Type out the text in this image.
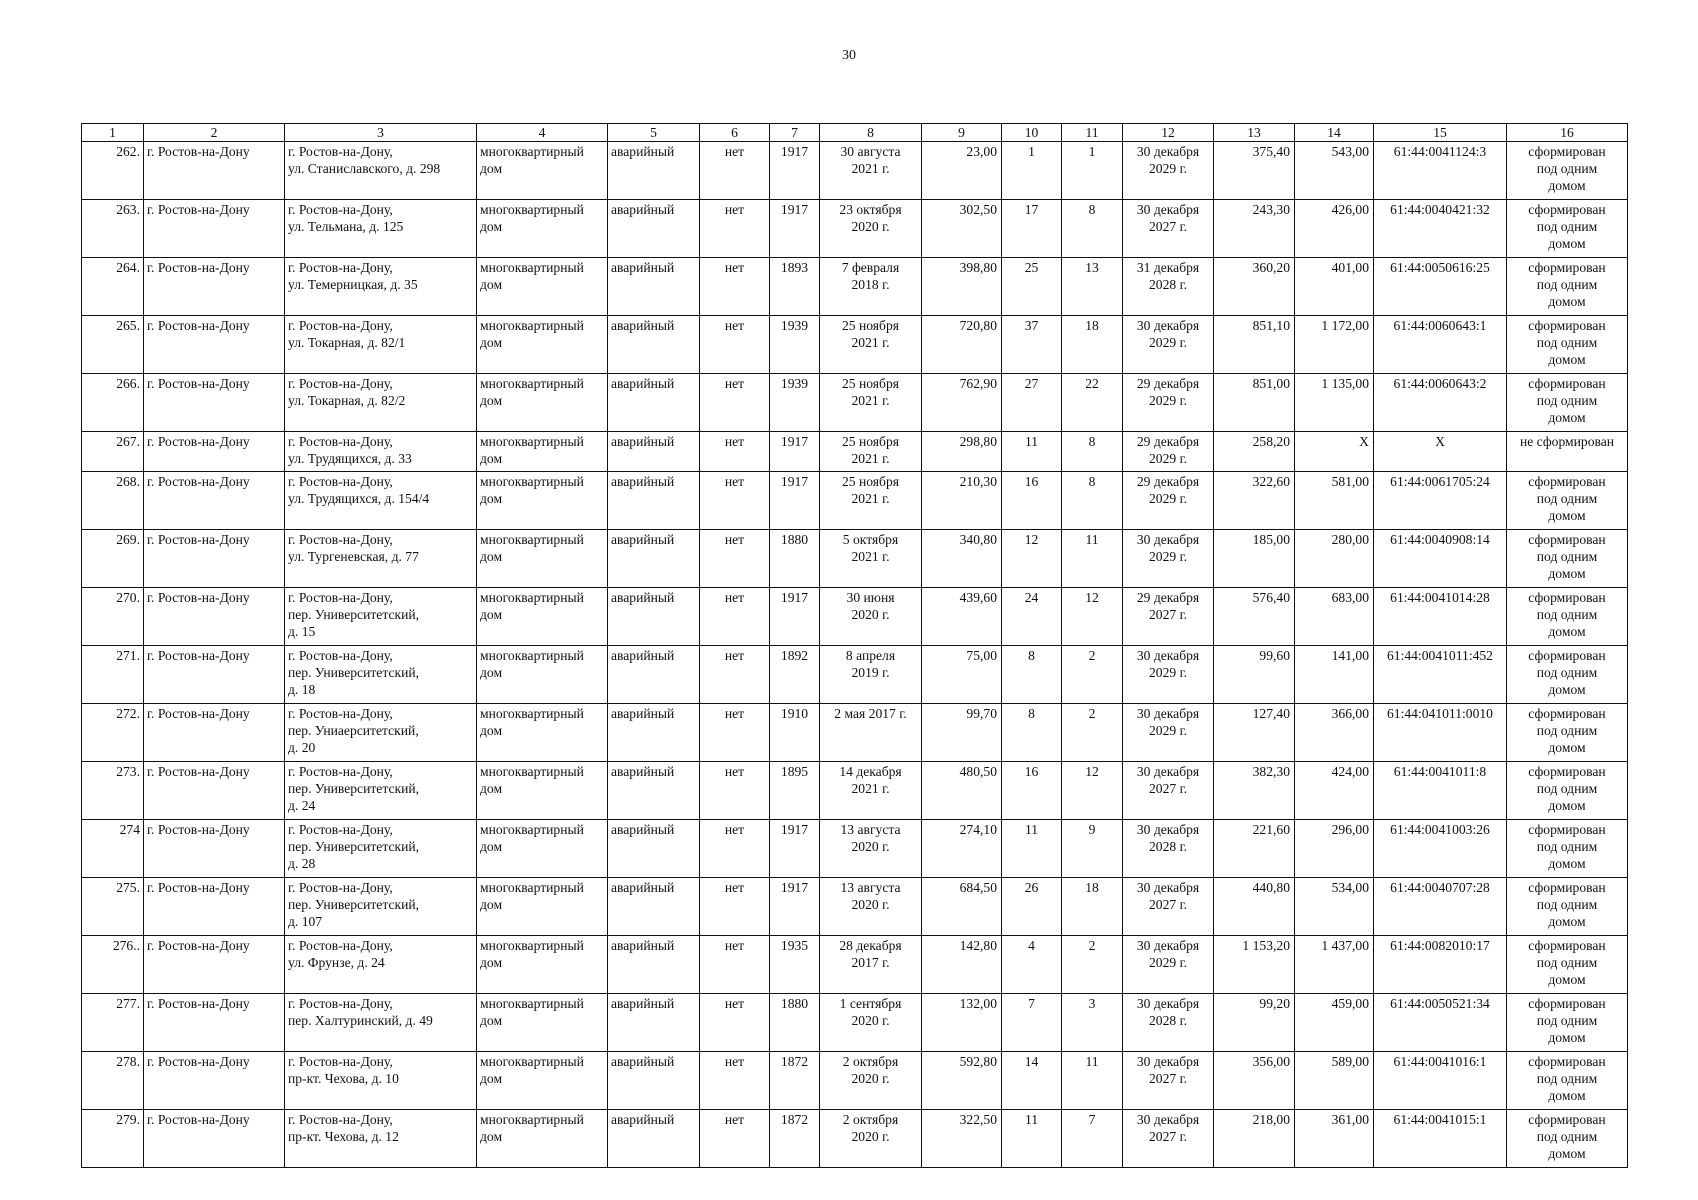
30
1	2	3	4	5	6	7	8	9	10	11	12	13	14	15	16
262.	г. Ростов-на-Дону	г. Ростов-на-Дону,
ул. Станиславского, д. 298	многоквартирный
дом	аварийный	нет	1917	30 августа
2021 г.	23,00	1	1	30 декабря
2029 г.	375,40	543,00	61:44:0041124:3	сформирован
под одним
домом
263.	г. Ростов-на-Дону	г. Ростов-на-Дону,
ул. Тельмана, д. 125	многоквартирный
дом	аварийный	нет	1917	23 октября
2020 г.	302,50	17	8	30 декабря
2027 г.	243,30	426,00	61:44:0040421:32	сформирован
под одним
домом
264.	г. Ростов-на-Дону	г. Ростов-на-Дону,
ул. Темерницкая, д. 35	многоквартирный
дом	аварийный	нет	1893	7 февраля
2018 г.	398,80	25	13	31 декабря
2028 г.	360,20	401,00	61:44:0050616:25	сформирован
под одним
домом
265.	г. Ростов-на-Дону	г. Ростов-на-Дону,
ул. Токарная, д. 82/1	многоквартирный
дом	аварийный	нет	1939	25 ноября
2021 г.	720,80	37	18	30 декабря
2029 г.	851,10	1 172,00	61:44:0060643:1	сформирован
под одним
домом
266.	г. Ростов-на-Дону	г. Ростов-на-Дону,
ул. Токарная, д. 82/2	многоквартирный
дом	аварийный	нет	1939	25 ноября
2021 г.	762,90	27	22	29 декабря
2029 г.	851,00	1 135,00	61:44:0060643:2	сформирован
под одним
домом
267.	г. Ростов-на-Дону	г. Ростов-на-Дону,
ул. Трудящихся, д. 33	многоквартирный
дом	аварийный	нет	1917	25 ноября
2021 г.	298,80	11	8	29 декабря
2029 г.	258,20	Х	Х	не сформирован
268.	г. Ростов-на-Дону	г. Ростов-на-Дону,
ул. Трудящихся, д. 154/4	многоквартирный
дом	аварийный	нет	1917	25 ноября
2021 г.	210,30	16	8	29 декабря
2029 г.	322,60	581,00	61:44:0061705:24	сформирован
под одним
домом
269.	г. Ростов-на-Дону	г. Ростов-на-Дону,
ул. Тургеневская, д. 77	многоквартирный
дом	аварийный	нет	1880	5 октября
2021 г.	340,80	12	11	30 декабря
2029 г.	185,00	280,00	61:44:0040908:14	сформирован
под одним
домом
270.	г. Ростов-на-Дону	г. Ростов-на-Дону,
пер. Университетский,
д. 15	многоквартирный
дом	аварийный	нет	1917	30 июня
2020 г.	439,60	24	12	29 декабря
2027 г.	576,40	683,00	61:44:0041014:28	сформирован
под одним
домом
271.	г. Ростов-на-Дону	г. Ростов-на-Дону,
пер. Университетский,
д. 18	многоквартирный
дом	аварийный	нет	1892	8 апреля
2019 г.	75,00	8	2	30 декабря
2029 г.	99,60	141,00	61:44:0041011:452	сформирован
под одним
домом
272.	г. Ростов-на-Дону	г. Ростов-на-Дону,
пер. Униаерситетский,
д. 20	многоквартирный
дом	аварийный	нет	1910	2 мая 2017 г.	99,70	8	2	30 декабря
2029 г.	127,40	366,00	61:44:041011:0010	сформирован
под одним
домом
273.	г. Ростов-на-Дону	г. Ростов-на-Дону,
пер. Университетский,
д. 24	многоквартирный
дом	аварийный	нет	1895	14 декабря
2021 г.	480,50	16	12	30 декабря
2027 г.	382,30	424,00	61:44:0041011:8	сформирован
под одним
домом
274	г. Ростов-на-Дону	г. Ростов-на-Дону,
пер. Университетский,
д. 28	многоквартирный
дом	аварийный	нет	1917	13 августа
2020 г.	274,10	11	9	30 декабря
2028 г.	221,60	296,00	61:44:0041003:26	сформирован
под одним
домом
275.	г. Ростов-на-Дону	г. Ростов-на-Дону,
пер. Университетский,
д. 107	многоквартирный
дом	аварийный	нет	1917	13 августа
2020 г.	684,50	26	18	30 декабря
2027 г.	440,80	534,00	61:44:0040707:28	сформирован
под одним
домом
276..	г. Ростов-на-Дону	г. Ростов-на-Дону,
ул. Фрунзе, д. 24	многоквартирный
дом	аварийный	нет	1935	28 декабря
2017 г.	142,80	4	2	30 декабря
2029 г.	1 153,20	1 437,00	61:44:0082010:17	сформирован
под одним
домом
277.	г. Ростов-на-Дону	г. Ростов-на-Дону,
пер. Халтуринский, д. 49	многоквартирный
дом	аварийный	нет	1880	1 сентября
2020 г.	132,00	7	3	30 декабря
2028 г.	99,20	459,00	61:44:0050521:34	сформирован
под одним
домом
278.	г. Ростов-на-Дону	г. Ростов-на-Дону,
пр-кт. Чехова, д. 10	многоквартирный
дом	аварийный	нет	1872	2 октября
2020 г.	592,80	14	11	30 декабря
2027 г.	356,00	589,00	61:44:0041016:1	сформирован
под одним
домом
279.	г. Ростов-на-Дону	г. Ростов-на-Дону,
пр-кт. Чехова, д. 12	многоквартирный
дом	аварийный	нет	1872	2 октября
2020 г.	322,50	11	7	30 декабря
2027 г.	218,00	361,00	61:44:0041015:1	сформирован
под одним
домом
